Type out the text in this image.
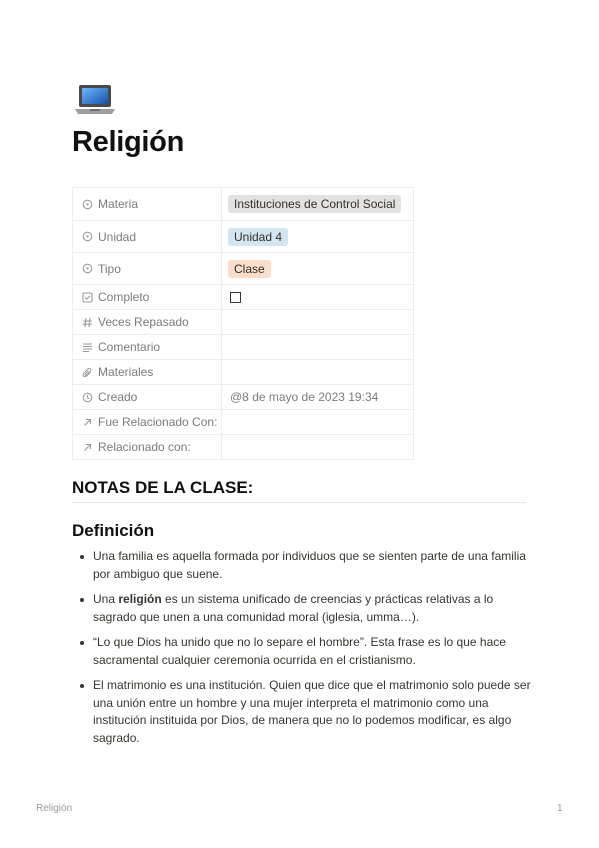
Religión
Materia	Instituciones de Control Social

Unidad	Unidad 4

Tipo	Clase

Completo	

Veces Repasado	

Comentario	

Materiales	

Creado	@8 de mayo de 2023 19:34

Fue Relacionado Con:	

Relacionado con:	

NOTAS DE LA CLASE:
Definición
Una familia es aquella formada por individuos que se sienten parte de una familia por ambiguo que suene.
Una religión es un sistema unificado de creencias y prácticas relativas a lo sagrado que unen a una comunidad moral (iglesia, umma…).
“Lo que Dios ha unido que no lo separe el hombre”. Esta frase es lo que hace sacramental cualquier ceremonia ocurrida en el cristianismo.
El matrimonio es una institución. Quien que dice que el matrimonio solo puede ser una unión entre un hombre y una mujer interpreta el matrimonio como una institución instituida por Dios, de manera que no lo podemos modificar, es algo sagrado.
Religión	1
